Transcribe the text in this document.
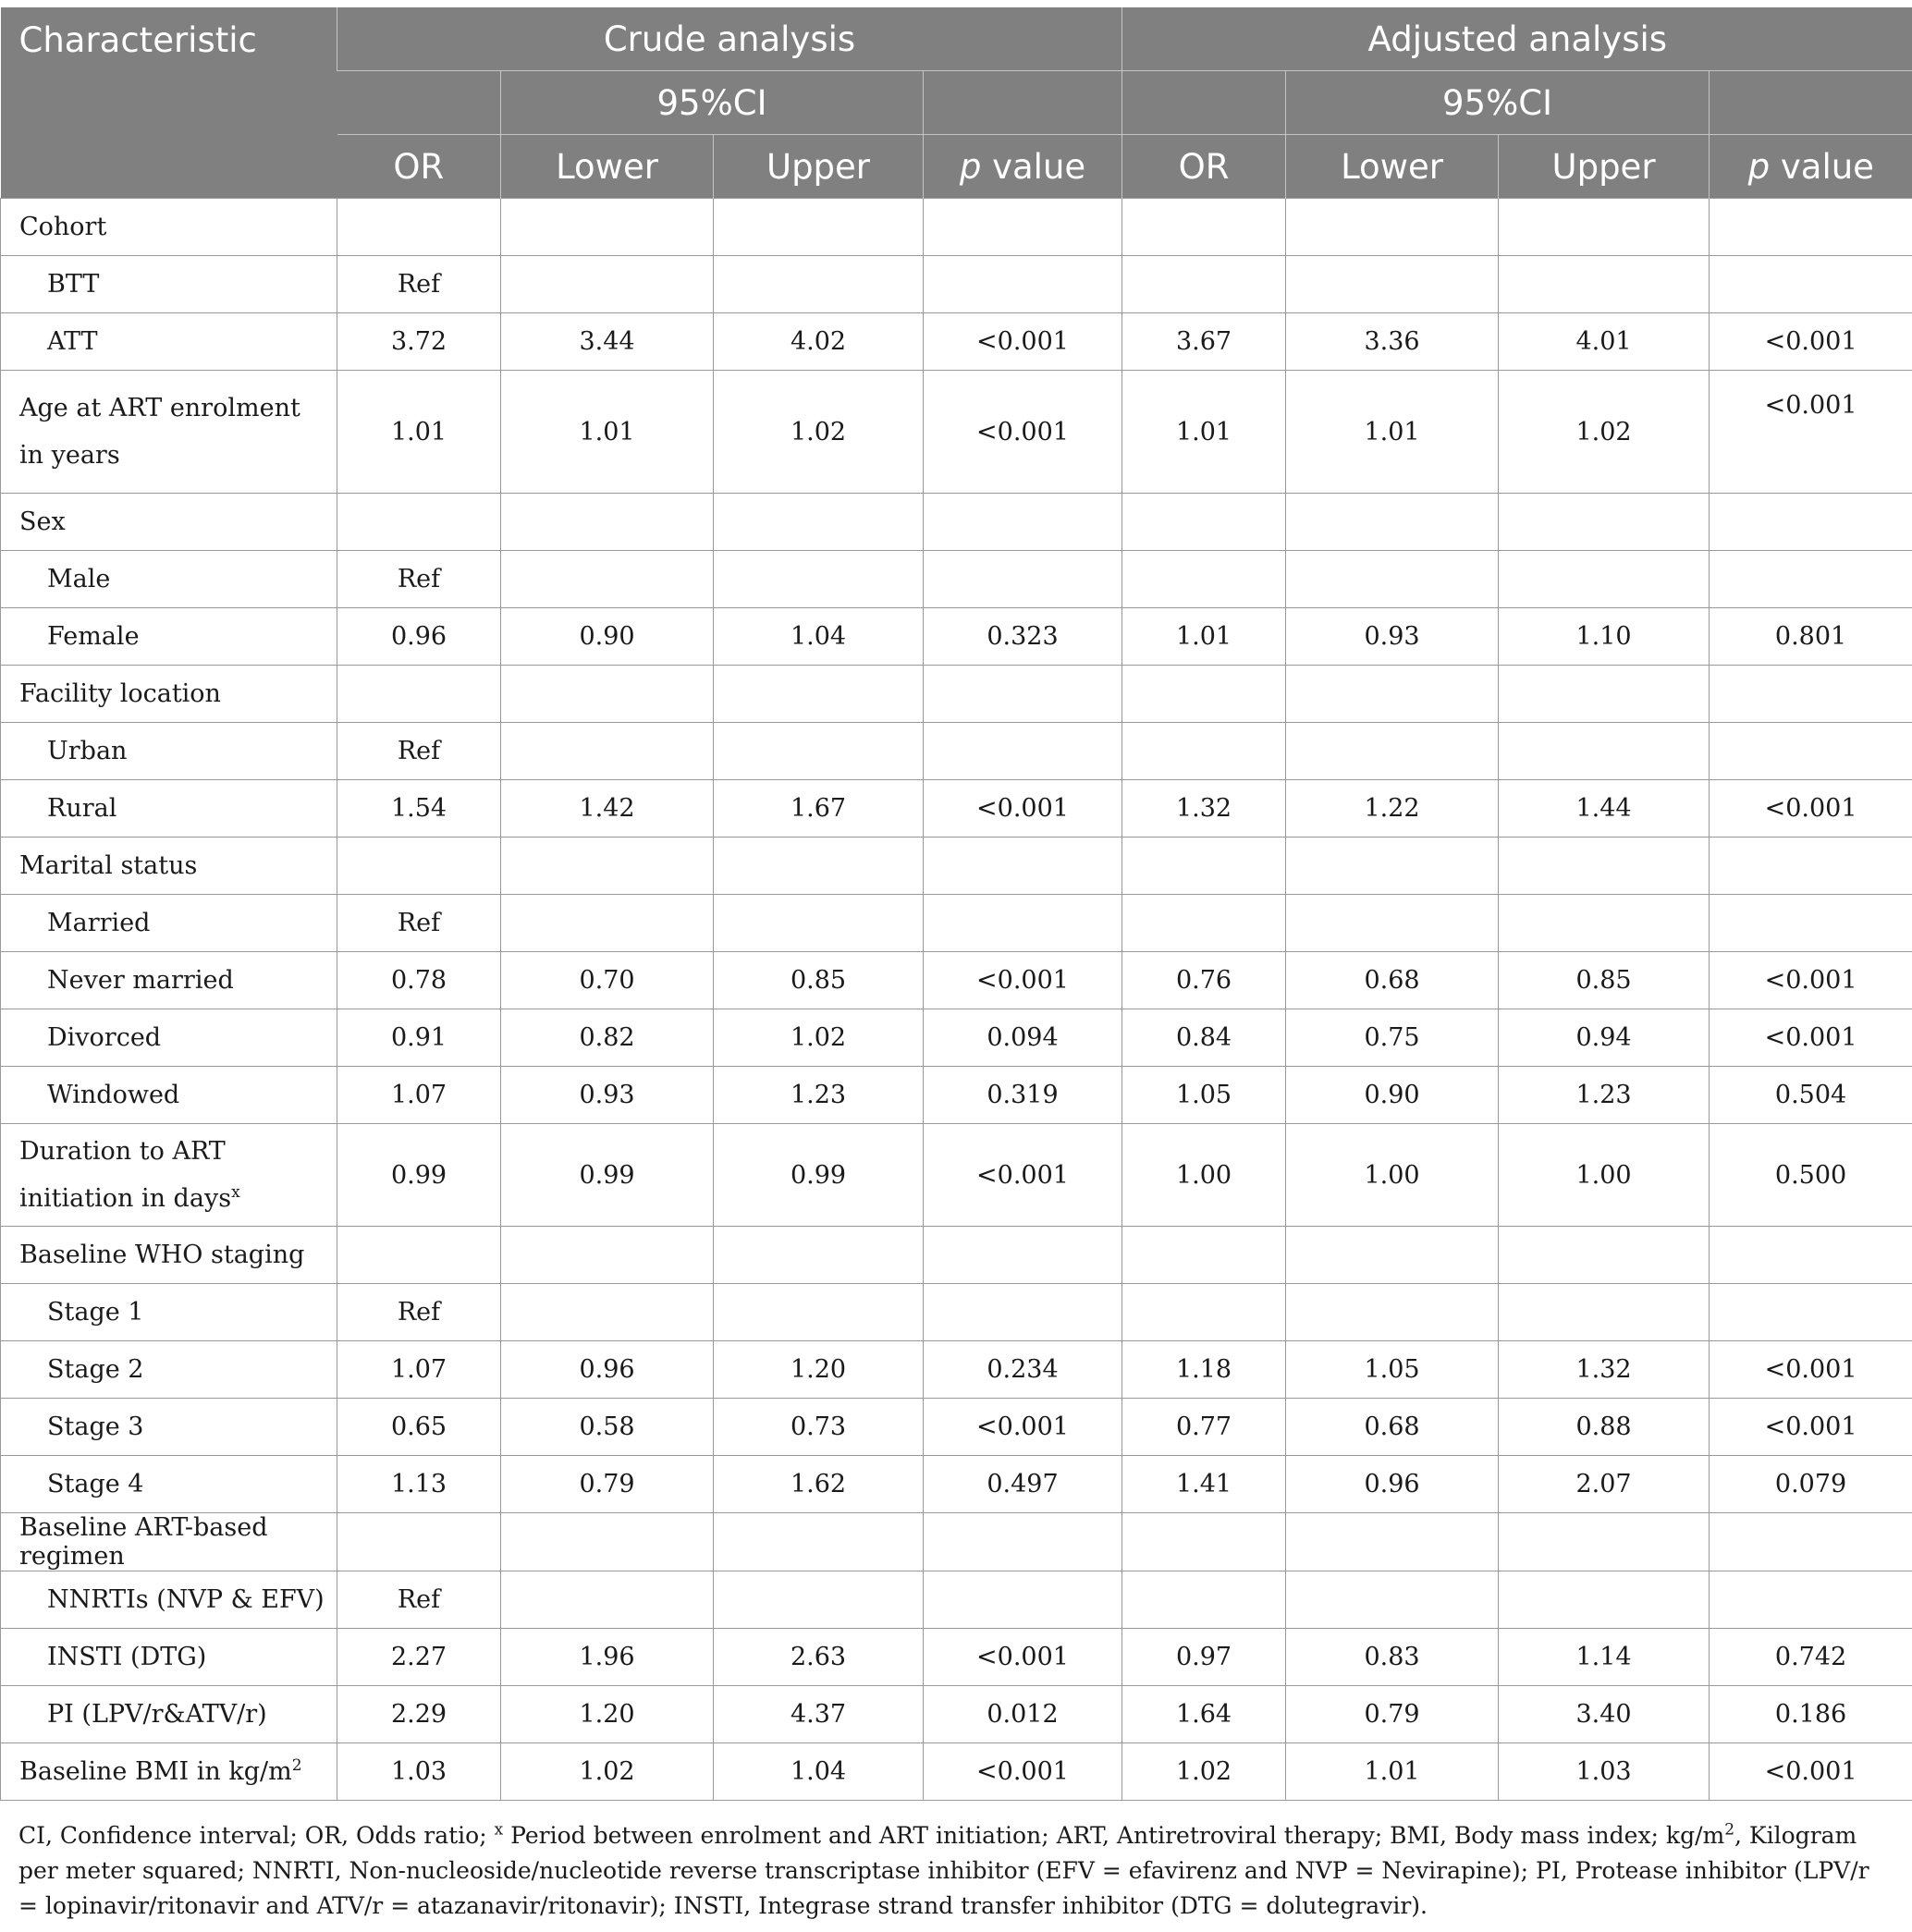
Characteristic	Crude analysis				Adjusted analysis			
		95%CI				95%CI		
	OR	Lower	Upper	p value	OR	Lower	Upper	p value
Cohort								
BTT	Ref							
ATT	3.72	3.44	4.02	<0.001	3.67	3.36	4.01	<0.001
Age at ART enrolment in years	1.01	1.01	1.02	<0.001	1.01	1.01	1.02	<0.001
Sex								
Male	Ref							
Female	0.96	0.90	1.04	0.323	1.01	0.93	1.10	0.801
Facility location								
Urban	Ref							
Rural	1.54	1.42	1.67	<0.001	1.32	1.22	1.44	<0.001
Marital status								
Married	Ref							
Never married	0.78	0.70	0.85	<0.001	0.76	0.68	0.85	<0.001
Divorced	0.91	0.82	1.02	0.094	0.84	0.75	0.94	<0.001
Windowed	1.07	0.93	1.23	0.319	1.05	0.90	1.23	0.504
Duration to ART initiation in days$^x$	0.99	0.99	0.99	<0.001	1.00	1.00	1.00	0.500
Baseline WHO staging								
Stage 1	Ref							
Stage 2	1.07	0.96	1.20	0.234	1.18	1.05	1.32	<0.001
Stage 3	0.65	0.58	0.73	<0.001	0.77	0.68	0.88	<0.001
Stage 4	1.13	0.79	1.62	0.497	1.41	0.96	2.07	0.079
Baseline ART-based regimen								
NNRTIs (NVP & EFV)	Ref							
INSTI (DTG)	2.27	1.96	2.63	<0.001	0.97	0.83	1.14	0.742
PI (LPV/r&ATV/r)	2.29	1.20	4.37	0.012	1.64	0.79	3.40	0.186
Baseline BMI in $kg/m^2$	1.03	1.02	1.04	<0.001	1.02	1.01	1.03	<0.001
CI, Confidence interval; OR, Odds ratio; $^x$ Period between enrolment and ART initiation; ART, Antiretroviral therapy; BMI, Body mass index; $kg/m^2$, Kilogram per meter squared; NNRTI, Non-nucleoside/nucleotide reverse transcriptase inhibitor (EFV = efavirenz and NVP = Nevirapine); PI, Protease inhibitor (LPV/r = lopinavir/ritonavir and ATV/r = atazanavir/ritonavir); INSTI, Integrase strand transfer inhibitor (DTG = dolutegravir).
